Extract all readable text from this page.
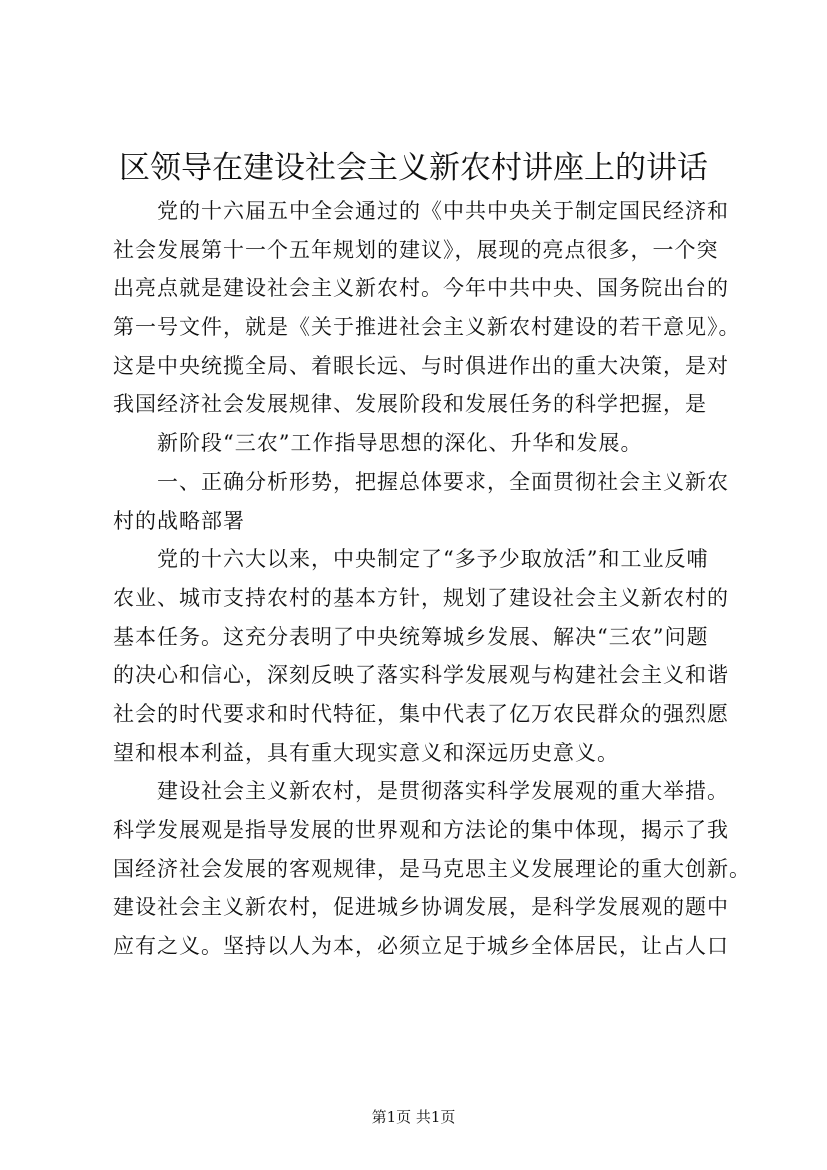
区领导在建设社会主义新农村讲座上的讲话
党的十六届五中全会通过的《中共中央关于制定国民经济和
社会发展第十一个五年规划的建议》，展现的亮点很多，一个突
出亮点就是建设社会主义新农村。今年中共中央、国务院出台的
第一号文件，就是《关于推进社会主义新农村建设的若干意见》。
这是中央统揽全局、着眼长远、与时俱进作出的重大决策，是对
我国经济社会发展规律、发展阶段和发展任务的科学把握，是
新阶段“三农”工作指导思想的深化、升华和发展。
一、正确分析形势，把握总体要求，全面贯彻社会主义新农
村的战略部署
党的十六大以来，中央制定了“多予少取放活”和工业反哺
农业、城市支持农村的基本方针，规划了建设社会主义新农村的
基本任务。这充分表明了中央统筹城乡发展、解决“三农”问题
的决心和信心，深刻反映了落实科学发展观与构建社会主义和谐
社会的时代要求和时代特征，集中代表了亿万农民群众的强烈愿
望和根本利益，具有重大现实意义和深远历史意义。
建设社会主义新农村，是贯彻落实科学发展观的重大举措。
科学发展观是指导发展的世界观和方法论的集中体现，揭示了我
国经济社会发展的客观规律，是马克思主义发展理论的重大创新。
建设社会主义新农村，促进城乡协调发展，是科学发展观的题中
应有之义。坚持以人为本，必须立足于城乡全体居民，让占人口
第1页 共1页
